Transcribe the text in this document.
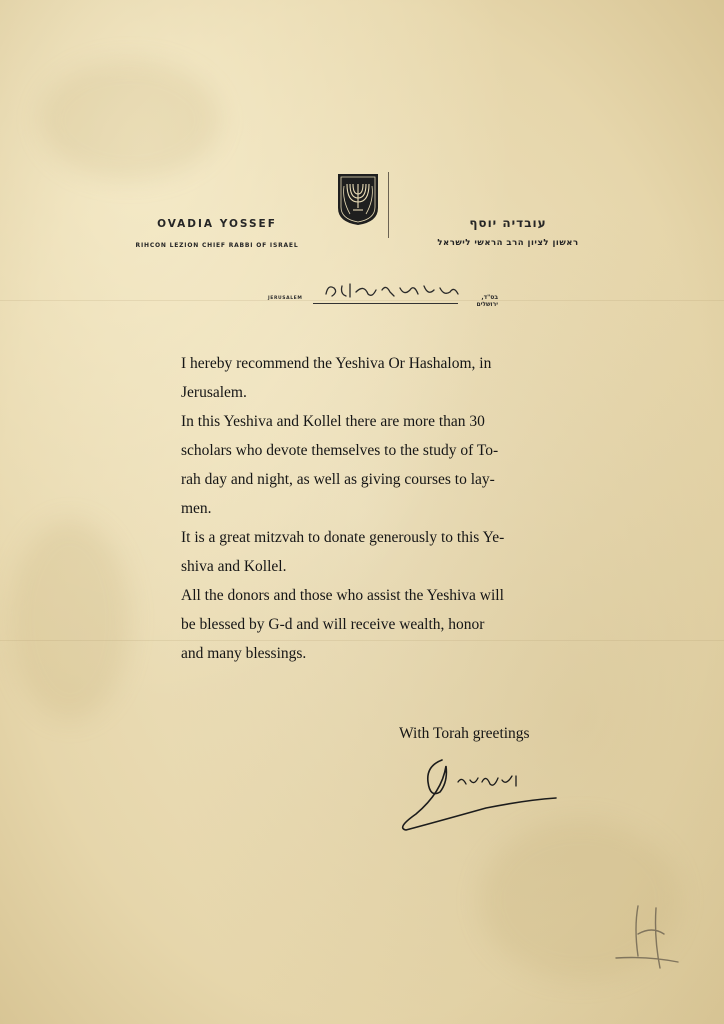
OVADIA YOSSEF
RIHCON LEZION CHIEF RABBI OF ISRAEL
עובדיה יוסף
ראשון לציון הרב הראשי לישראל
JERUSALEM	בס"ד, ירושלים
I hereby recommend the Yeshiva Or Hashalom, in
Jerusalem.
In this Yeshiva and Kollel there are more than 30
scholars who devote themselves to the study of To-
rah day and night, as well as giving courses to lay-
men.
It is a great mitzvah to donate generously to this Ye-
shiva and Kollel.
All the donors and those who assist the Yeshiva will
be blessed by G-d and will receive wealth, honor
and many blessings.
With Torah greetings
